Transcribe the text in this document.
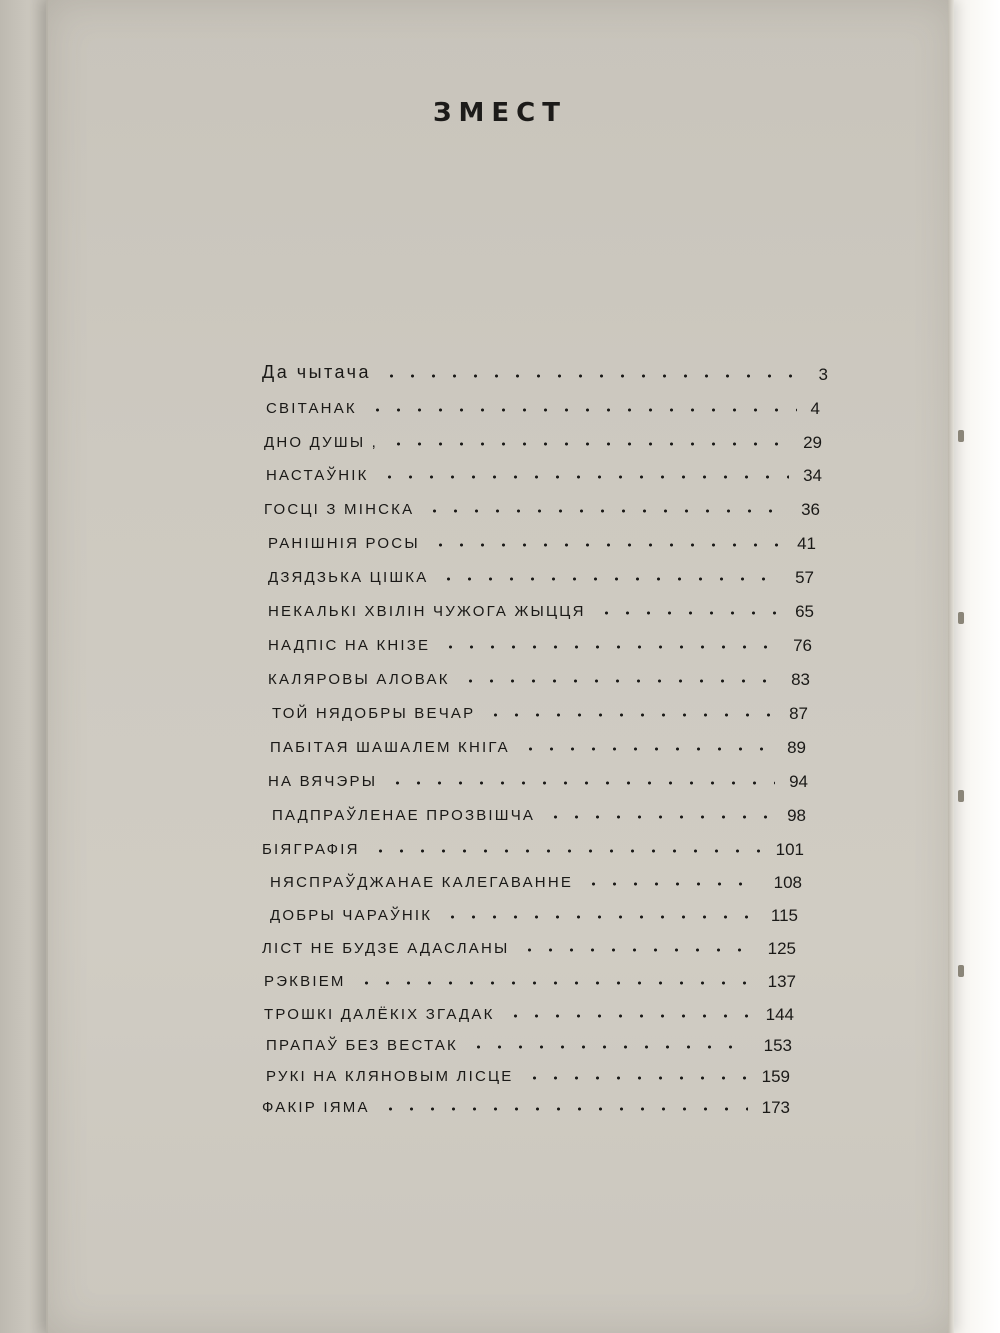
ЗМЕСТ
Да чытача	3
СВІТАНАК	4
ДНО ДУШЫ ,	29
НАСТАЎНІК	34
ГОСЦІ З МІНСКА	36
РАНІШНІЯ РОСЫ	41
ДЗЯДЗЬКА ЦІШКА	57
НЕКАЛЬКІ ХВІЛІН ЧУЖОГА ЖЫЦЦЯ	65
НАДПІС НА КНІЗЕ	76
КАЛЯРОВЫ АЛОВАК	83
ТОЙ НЯДОБРЫ ВЕЧАР	87
ПАБІТАЯ ШАШАЛЕМ КНІГА	89
НА ВЯЧЭРЫ	94
ПАДПРАЎЛЕНАЕ ПРОЗВІШЧА	98
БІЯГРАФІЯ	101
НЯСПРАЎДЖАНАЕ КАЛЕГАВАННЕ	108
ДОБРЫ ЧАРАЎНІК	115
ЛІСТ НЕ БУДЗЕ АДАСЛАНЫ	125
РЭКВІЕМ	137
ТРОШКІ ДАЛЁКІХ ЗГАДАК	144
ПРАПАЎ БЕЗ ВЕСТАК	153
РУКІ НА КЛЯНОВЫМ ЛІСЦЕ	159
ФАКІР ІЯМА	173
